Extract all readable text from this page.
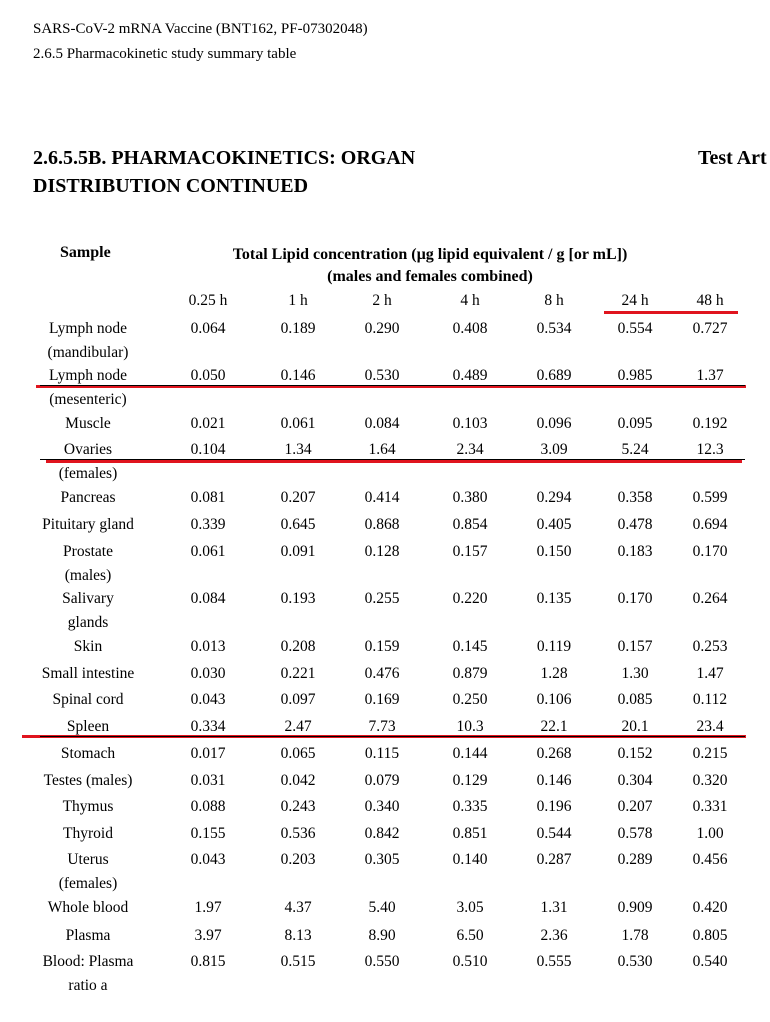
SARS-CoV-2 mRNA Vaccine (BNT162, PF-07302048)
2.6.5 Pharmacokinetic study summary table
2.6.5.5B. PHARMACOKINETICS: ORGAN DISTRIBUTION CONTINUED
Test Art
Sample	Total Lipid concentration (µg lipid equivalent / g [or mL])
(males and females combined)
0.25 h	1 h	2 h	4 h	8 h	24 h	48 h
Lymph node
(mandibular)
0.064	0.189	0.290	0.408	0.534	0.554	0.727
Lymph node
(mesenteric)
0.050	0.146	0.530	0.489	0.689	0.985	1.37
Muscle	0.021	0.061	0.084	0.103	0.096	0.095	0.192
Ovaries
(females)
0.104	1.34	1.64	2.34	3.09	5.24	12.3
Pancreas	0.081	0.207	0.414	0.380	0.294	0.358	0.599
Pituitary gland	0.339	0.645	0.868	0.854	0.405	0.478	0.694
Prostate
(males)
0.061	0.091	0.128	0.157	0.150	0.183	0.170
Salivary
glands
0.084	0.193	0.255	0.220	0.135	0.170	0.264
Skin	0.013	0.208	0.159	0.145	0.119	0.157	0.253
Small intestine	0.030	0.221	0.476	0.879	1.28	1.30	1.47
Spinal cord	0.043	0.097	0.169	0.250	0.106	0.085	0.112
Spleen	0.334	2.47	7.73	10.3	22.1	20.1	23.4
Stomach	0.017	0.065	0.115	0.144	0.268	0.152	0.215
Testes (males)	0.031	0.042	0.079	0.129	0.146	0.304	0.320
Thymus	0.088	0.243	0.340	0.335	0.196	0.207	0.331
Thyroid	0.155	0.536	0.842	0.851	0.544	0.578	1.00
Uterus
(females)
0.043	0.203	0.305	0.140	0.287	0.289	0.456
Whole blood	1.97	4.37	5.40	3.05	1.31	0.909	0.420
Plasma	3.97	8.13	8.90	6.50	2.36	1.78	0.805
Blood: Plasma
ratio a
0.815	0.515	0.550	0.510	0.555	0.530	0.540
